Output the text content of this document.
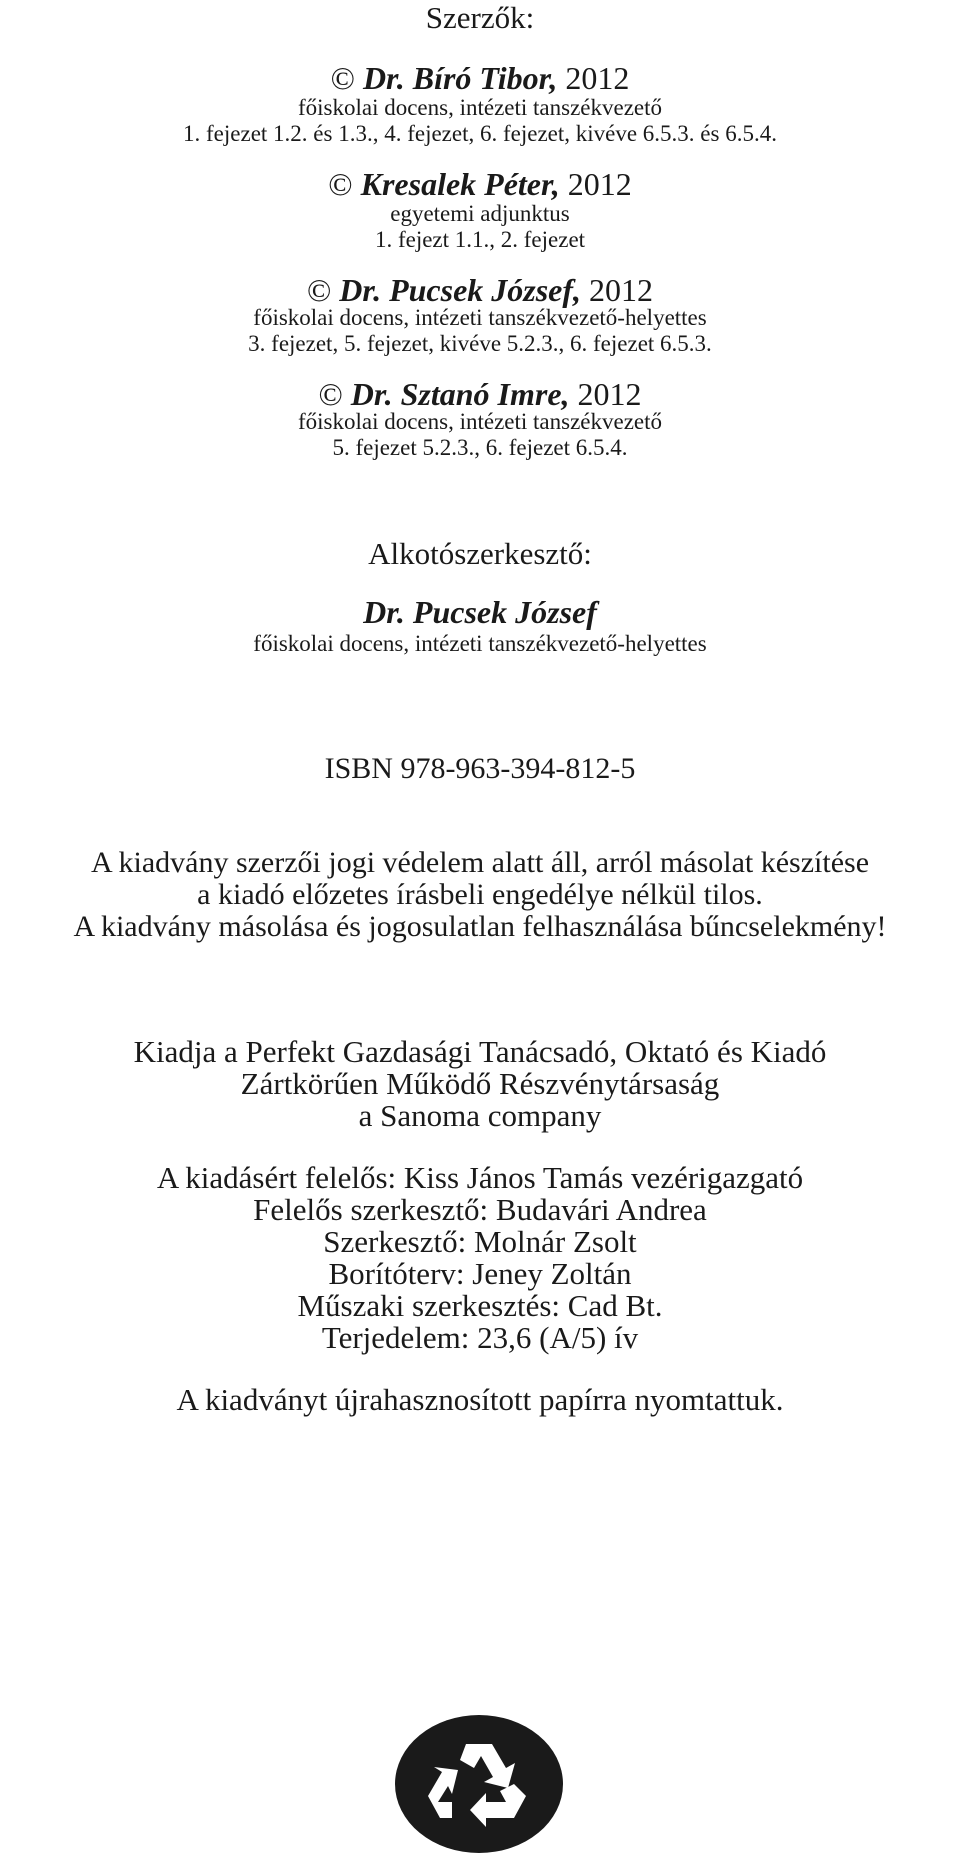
Szerzők:
© Dr. Bíró Tibor, 2012
főiskolai docens, intézeti tanszékvezető
1. fejezet 1.2. és 1.3., 4. fejezet, 6. fejezet, kivéve 6.5.3. és 6.5.4.
© Kresalek Péter, 2012
egyetemi adjunktus
1. fejezt 1.1., 2. fejezet
© Dr. Pucsek József, 2012
főiskolai docens, intézeti tanszékvezető-helyettes
3. fejezet, 5. fejezet, kivéve 5.2.3., 6. fejezet 6.5.3.
© Dr. Sztanó Imre, 2012
főiskolai docens, intézeti tanszékvezető
5. fejezet 5.2.3., 6. fejezet 6.5.4.
Alkotószerkesztő:
Dr. Pucsek József
főiskolai docens, intézeti tanszékvezető-helyettes
ISBN 978-963-394-812-5
A kiadvány szerzői jogi védelem alatt áll, arról másolat készítése
a kiadó előzetes írásbeli engedélye nélkül tilos.
A kiadvány másolása és jogosulatlan felhasználása bűncselekmény!
Kiadja a Perfekt Gazdasági Tanácsadó, Oktató és Kiadó
Zártkörűen Működő Részvénytársaság
a Sanoma company
A kiadásért felelős: Kiss János Tamás vezérigazgató
Felelős szerkesztő: Budavári Andrea
Szerkesztő: Molnár Zsolt
Borítóterv: Jeney Zoltán
Műszaki szerkesztés: Cad Bt.
Terjedelem: 23,6 (A/5) ív
A kiadványt újrahasznosított papírra nyomtattuk.
